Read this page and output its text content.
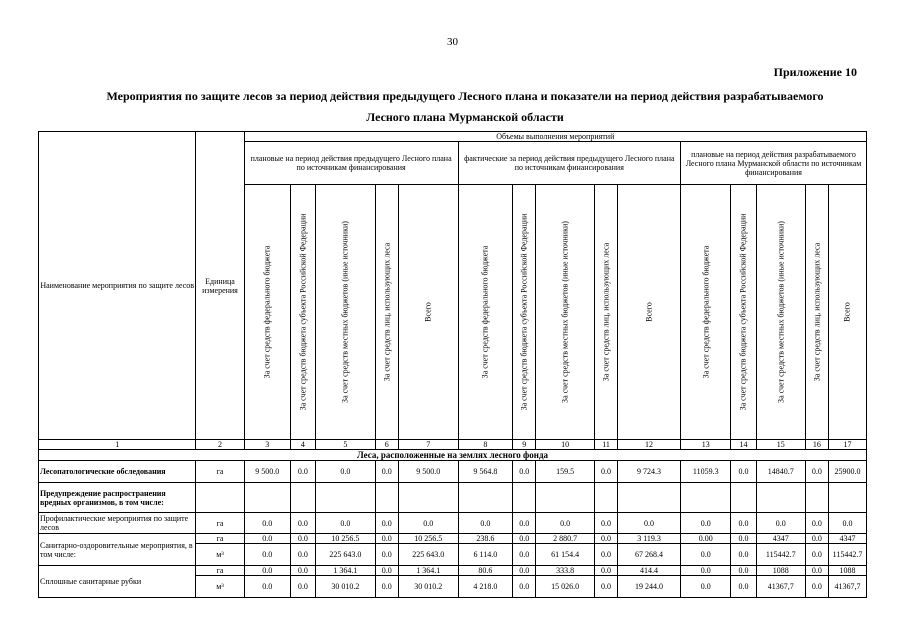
30
Приложение 10
Мероприятия по защите лесов за период действия предыдущего Лесного плана и показатели на период действия разрабатываемого
Лесного плана Мурманской области
Наименование мероприятия по защите лесов	Единица измерения	Объемы выполнения мероприятий														
		плановые на период действия предыдущего Лесного плана по источникам финансирования					фактические за период действия предыдущего Лесного плана по источникам финансирования					плановые на период действия разрабатываемого Лесного плана Мурманской области по источникам финансирования				

		За счет средств федерального бюджета	За счет средств бюджета субъекта Российской Федерации	За счет средств местных бюджетов (иные источники)	За счет средств лиц, использующих леса	Всего	За счет средств федерального бюджета	За счет средств бюджета субъекта Российской Федерации	За счет средств местных бюджетов (иные источники)	За счет средств лиц, использующих леса	Всего	За счет средств федерального бюджета	За счет средств бюджета субъекта Российской Федерации	За счет средств местных бюджетов (иные источники)	За счет средств лиц, использующих леса	Всего

1	2	3	4	5	6	7	8	9	10	11	12	13	14	15	16	17
Леса, расположенные на землях лесного фонда																
Лесопатологические обследования	га	9 500.0	0.0	0.0	0.0	9 500.0	9 564.8	0.0	159.5	0.0	9 724.3	11059.3	0.0	14840.7	0.0	25900.0
Предупреждение распространения вредных организмов, в том числе:																
Профилактические мероприятия по защите лесов	га	0.0	0.0	0.0	0.0	0.0	0.0	0.0	0.0	0.0	0.0	0.0	0.0	0.0	0.0	0.0
Санитарно-оздоровительные мероприятия, в том числе:	га	0.0	0.0	10 256.5	0.0	10 256.5	238.6	0.0	2 880.7	0.0	3 119.3	0.00	0.0	4347	0.0	4347
	м³	0.0	0.0	225 643.0	0.0	225 643.0	6 114.0	0.0	61 154.4	0.0	67 268.4	0.0	0.0	115442.7	0.0	115442.7
Сплошные санитарные рубки	га	0.0	0.0	1 364.1	0.0	1 364.1	80.6	0.0	333.8	0.0	414.4	0.0	0.0	1088	0.0	1088
	м³	0.0	0.0	30 010.2	0.0	30 010.2	4 218.0	0.0	15 026.0	0.0	19 244.0	0.0	0.0	41367,7	0.0	41367,7
